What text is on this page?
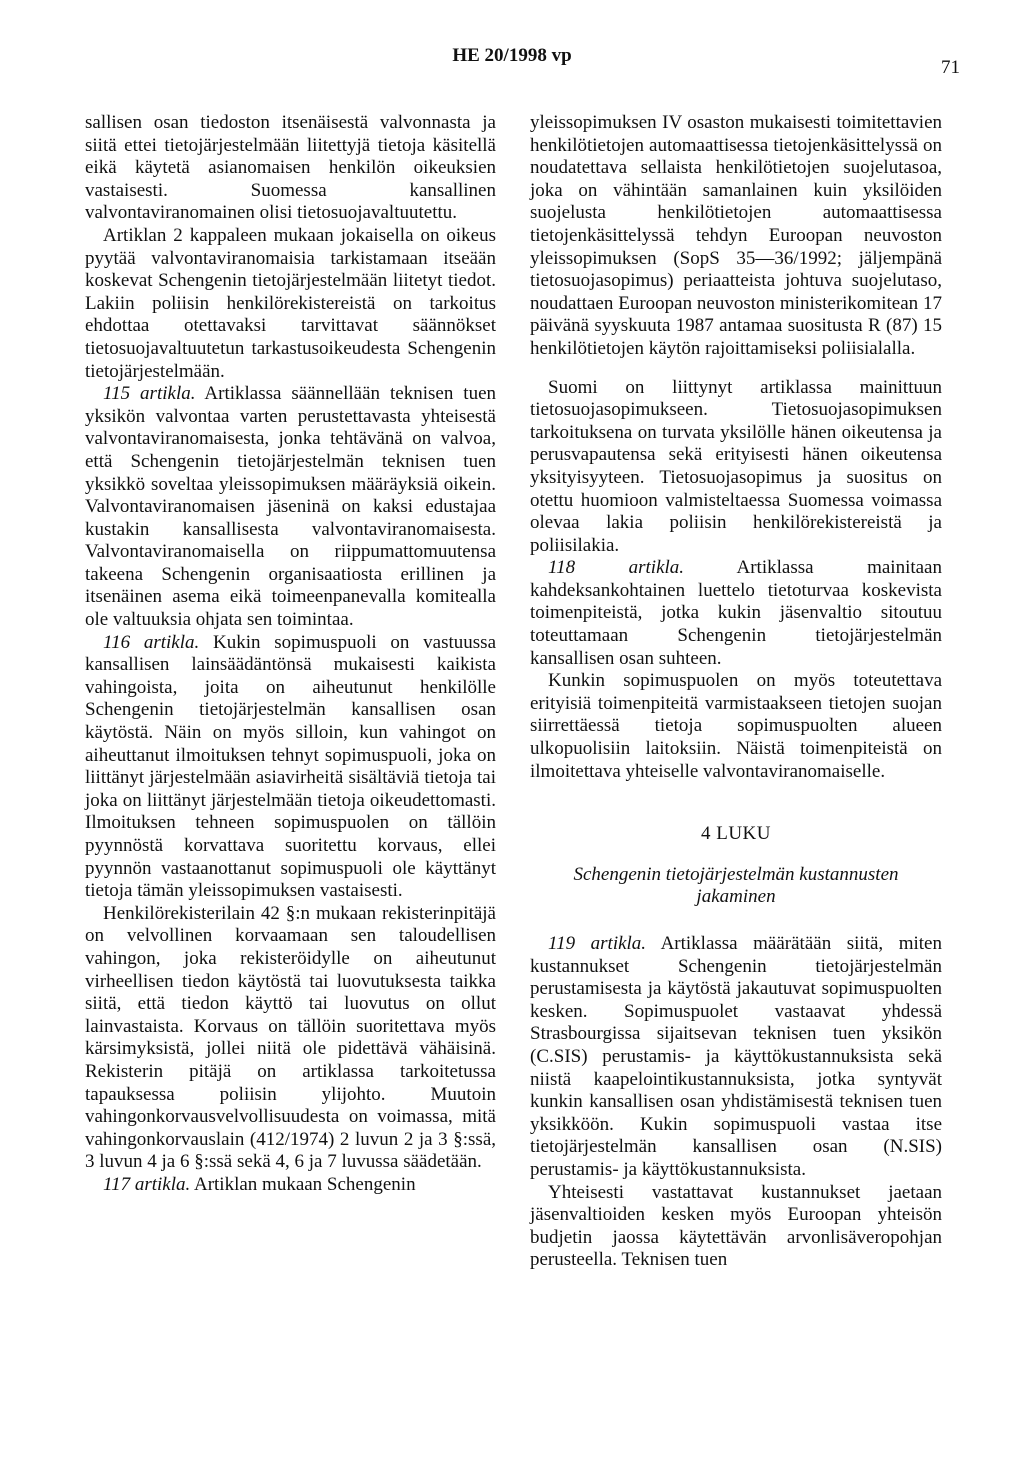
HE 20/1998 vp
71

sallisen osan tiedoston itsenäisestä valvonnasta ja siitä ettei tietojärjestelmään liitettyjä tietoja käsitellä eikä käytetä asianomaisen henkilön oikeuksien vastaisesti. Suomessa kansallinen valvontaviranomainen olisi tietosuojavaltuutettu.

Artiklan 2 kappaleen mukaan jokaisella on oikeus pyytää valvontaviranomaisia tarkistamaan itseään koskevat Schengenin tietojärjestelmään liitetyt tiedot. Lakiin poliisin henkilörekistereistä on tarkoitus ehdottaa otettavaksi tarvittavat säännökset tietosuojavaltuutetun tarkastusoikeudesta Schengenin tietojärjestelmään.

115 artikla. Artiklassa säännellään teknisen tuen yksikön valvontaa varten perustettavasta yhteisestä valvontaviranomaisesta, jonka tehtävänä on valvoa, että Schengenin tietojärjestelmän teknisen tuen yksikkö soveltaa yleissopimuksen määräyksiä oikein. Valvontaviranomaisen jäseninä on kaksi edustajaa kustakin kansallisesta valvontaviranomaisesta. Valvontaviranomaisella on riippumattomuutensa takeena Schengenin organisaatiosta erillinen ja itsenäinen asema eikä toimeenpanevalla komitealla ole valtuuksia ohjata sen toimintaa.

116 artikla. Kukin sopimuspuoli on vastuussa kansallisen lainsäädäntönsä mukaisesti kaikista vahingoista, joita on aiheutunut henkilölle Schengenin tietojärjestelmän kansallisen osan käytöstä. Näin on myös silloin, kun vahingot on aiheuttanut ilmoituksen tehnyt sopimuspuoli, joka on liittänyt järjestelmään asiavirheitä sisältäviä tietoja tai joka on liittänyt järjestelmään tietoja oikeudettomasti. Ilmoituksen tehneen sopimuspuolen on tällöin pyynnöstä korvattava suoritettu korvaus, ellei pyynnön vastaanottanut sopimuspuoli ole käyttänyt tietoja tämän yleissopimuksen vastaisesti.

Henkilörekisterilain 42 §:n mukaan rekisterinpitäjä on velvollinen korvaamaan sen taloudellisen vahingon, joka rekisteröidylle on aiheutunut virheellisen tiedon käytöstä tai luovutuksesta taikka siitä, että tiedon käyttö tai luovutus on ollut lainvastaista. Korvaus on tällöin suoritettava myös kärsimyksistä, jollei niitä ole pidettävä vähäisinä. Rekisterin pitäjä on artiklassa tarkoitetussa tapauksessa poliisin ylijohto. Muutoin vahingonkorvausvelvollisuudesta on voimassa, mitä vahingonkorvauslain (412/1974) 2 luvun 2 ja 3 §:ssä, 3 luvun 4 ja 6 §:ssä sekä 4, 6 ja 7 luvussa säädetään.

117 artikla. Artiklan mukaan Schengenin

yleissopimuksen IV osaston mukaisesti toimitettavien henkilötietojen automaattisessa tietojenkäsittelyssä on noudatettava sellaista henkilötietojen suojelutasoa, joka on vähintään samanlainen kuin yksilöiden suojelusta henkilötietojen automaattisessa tietojenkäsittelyssä tehdyn Euroopan neuvoston yleissopimuksen (SopS 35—36/1992; jäljempänä tietosuojasopimus) periaatteista johtuva suojelutaso, noudattaen Euroopan neuvoston ministerikomitean 17 päivänä syyskuuta 1987 antamaa suositusta R (87) 15 henkilötietojen käytön rajoittamiseksi poliisialalla.

Suomi on liittynyt artiklassa mainittuun tietosuojasopimukseen. Tietosuojasopimuksen tarkoituksena on turvata yksilölle hänen oikeutensa ja perusvapautensa sekä erityisesti hänen oikeutensa yksityisyyteen. Tietosuojasopimus ja suositus on otettu huomioon valmisteltaessa Suomessa voimassa olevaa lakia poliisin henkilörekistereistä ja poliisilakia.

118 artikla. Artiklassa mainitaan kahdeksankohtainen luettelo tietoturvaa koskevista toimenpiteistä, jotka kukin jäsenvaltio sitoutuu toteuttamaan Schengenin tietojärjestelmän kansallisen osan suhteen.

Kunkin sopimuspuolen on myös toteutettava erityisiä toimenpiteitä varmistaakseen tietojen suojan siirrettäessä tietoja sopimuspuolten alueen ulkopuolisiin laitoksiin. Näistä toimenpiteistä on ilmoitettava yhteiselle valvontaviranomaiselle.

4 LUKU
Schengenin tietojärjestelmän kustannusten jakaminen

119 artikla. Artiklassa määrätään siitä, miten kustannukset Schengenin tietojärjestelmän perustamisesta ja käytöstä jakautuvat sopimuspuolten kesken. Sopimuspuolet vastaavat yhdessä Strasbourgissa sijaitsevan teknisen tuen yksikön (C.SIS) perustamis- ja käyttökustannuksista sekä niistä kaapelointikustannuksista, jotka syntyvät kunkin kansallisen osan yhdistämisestä teknisen tuen yksikköön. Kukin sopimuspuoli vastaa itse tietojärjestelmän kansallisen osan (N.SIS) perustamis- ja käyttökustannuksista.

Yhteisesti vastattavat kustannukset jaetaan jäsenvaltioiden kesken myös Euroopan yhteisön budjetin jaossa käytettävän arvonlisäveropohjan perusteella. Teknisen tuen
